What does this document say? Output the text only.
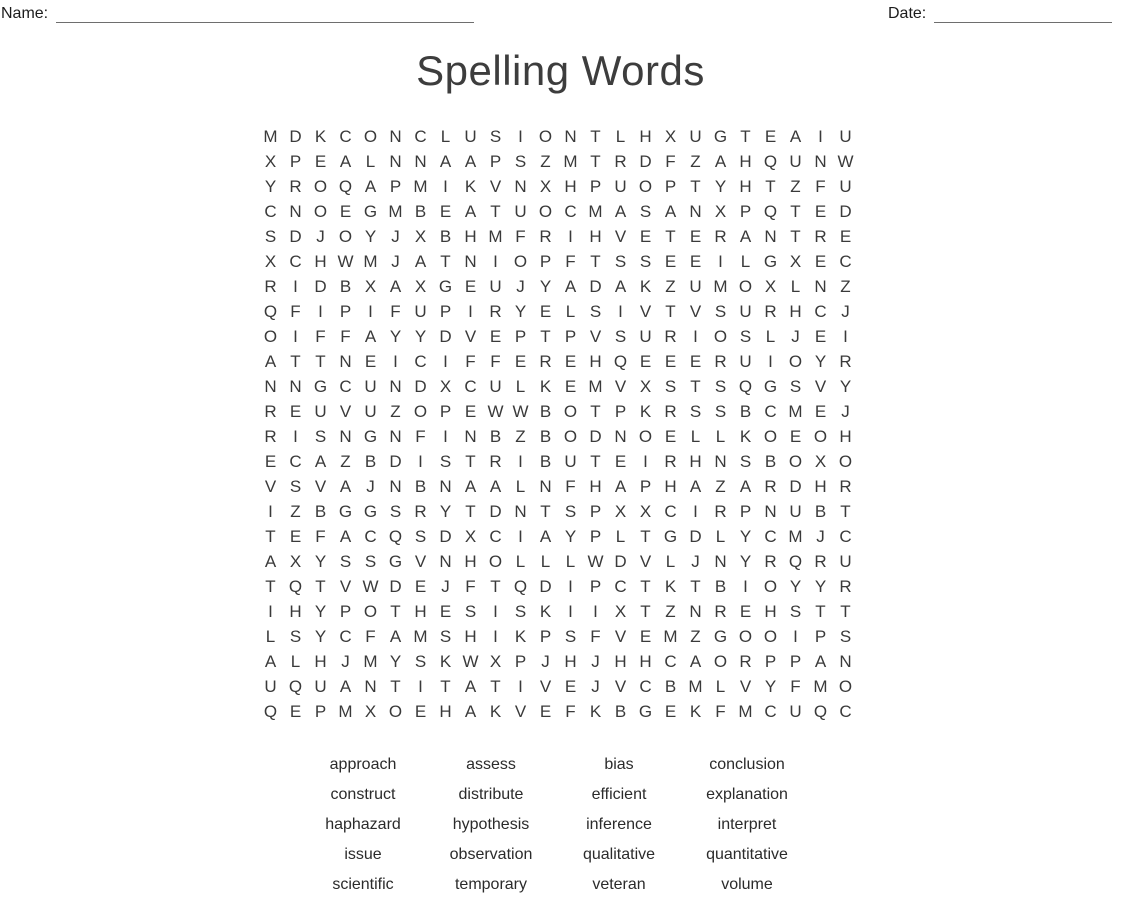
Name:	Date:
Spelling Words
M D K C O N C L U S I O N T L H X U G T E A I U
X P E A L N N A A P S Z M T R D F Z A H Q U N W
Y R O Q A P M I K V N X H P U O P T Y H T Z F U
C N O E G M B E A T U O C M A S A N X P Q T E D
S D J O Y J X B H M F R I H V E T E R A N T R E
X C H W M J A T N I O P F T S S E E I	L G X E C
R I D B X A X G E U J Y A D A K Z U M O X L N Z
Q F	I P I	F U P I R Y E L S I V T V S U R H C J
O I	F F A Y Y D V E P T P V S U R I O S L J E I
A T T N E I C I	F F E R E H Q E E E R U I O Y R
N N G C U N D X C U L K E M V X S T S Q G S V Y
R E U V U Z O P E W W B O T P K R S S B C M E J
R I S N G N F	I N B Z B O D N O E L L K O E O H
E C A Z B D I S T R I B U T E I R H N S B O X O
V S V A J N B N A A L N F H A P H A Z A R D H R
I	Z B G G S R Y T D N T S P X X C I R P N U B T
T E F A C Q S D X C I A Y P L T G D L Y C M J C
A X Y S S G V N H O L L L W D V L J N Y R Q R U
T Q T V W D E J F T Q D I P C T K T B I O Y Y R
I H Y P O T H E S I S K I	I X T Z N R E H S T T
L S Y C F A M S H I K P S F V E M Z G O O I P S
A L H J M Y S K W X P J H J H H C A O R P P A N
U Q U A N T	I	T A T	I V E J V C B M L V Y F M O
Q E P M X O E H A K V E F K B G E K F M C U Q C
approach	assess	bias	conclusion
construct	distribute	efficient	explanation
haphazard	hypothesis	inference	interpret
issue	observation	qualitative	quantitative
scientific	temporary	veteran	volume
